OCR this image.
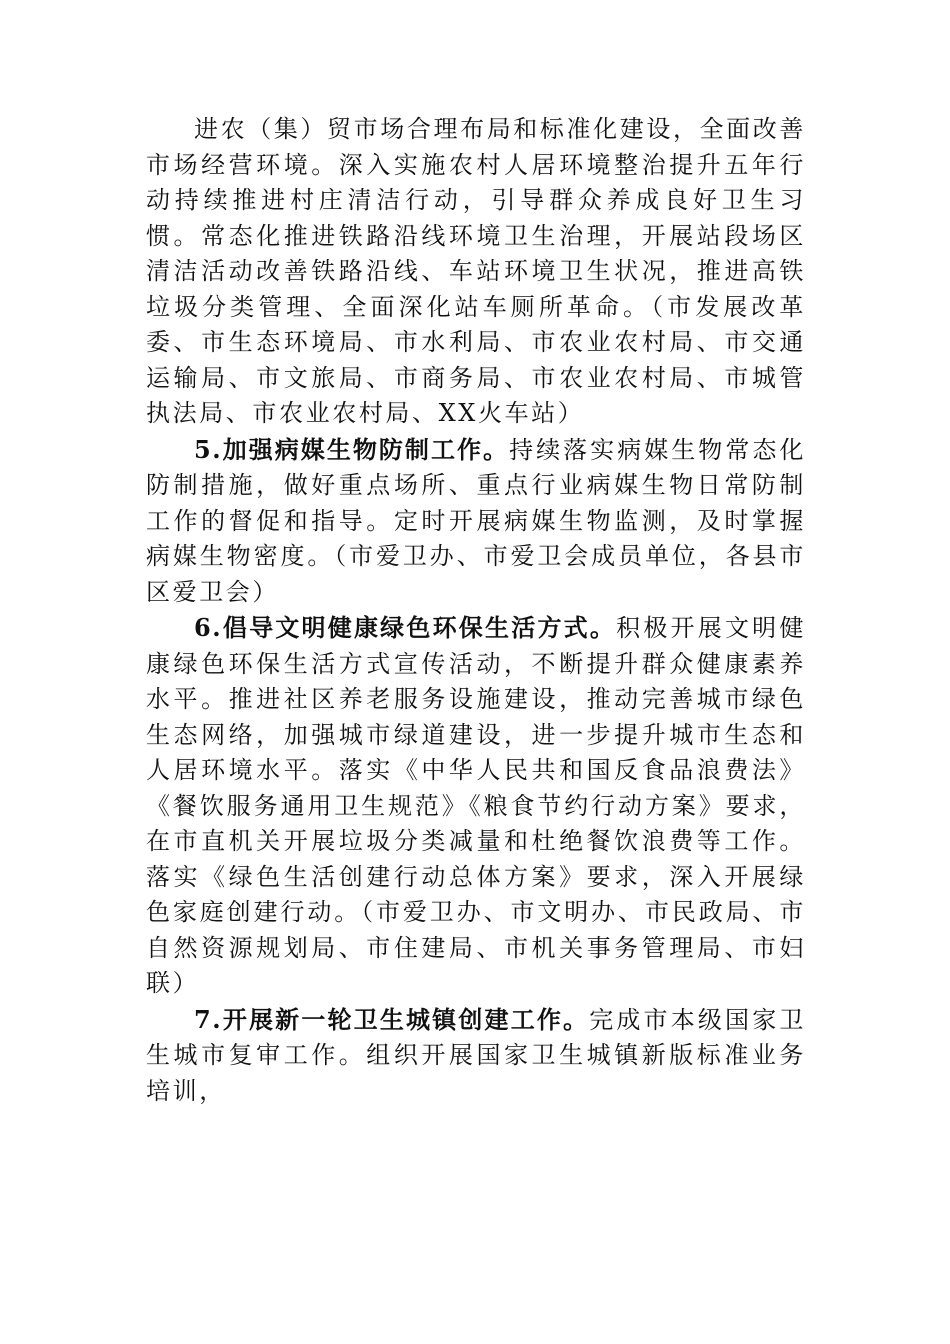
进农（集）贸市场合理布局和标准化建设，全面改善市场经营环境。深入实施农村人居环境整治提升五年行动持续推进村庄清洁行动，引导群众养成良好卫生习惯。常态化推进铁路沿线环境卫生治理，开展站段场区清洁活动改善铁路沿线、车站环境卫生状况，推进高铁垃圾分类管理、全面深化站车厕所革命。（市发展改革委、市生态环境局、市水利局、市农业农村局、市交通运输局、市文旅局、市商务局、市农业农村局、市城管执法局、市农业农村局、XX火车站）

5.加强病媒生物防制工作。持续落实病媒生物常态化防制措施，做好重点场所、重点行业病媒生物日常防制工作的督促和指导。定时开展病媒生物监测，及时掌握病媒生物密度。（市爱卫办、市爱卫会成员单位，各县市区爱卫会）

6.倡导文明健康绿色环保生活方式。积极开展文明健康绿色环保生活方式宣传活动，不断提升群众健康素养水平。推进社区养老服务设施建设，推动完善城市绿色生态网络，加强城市绿道建设，进一步提升城市生态和人居环境水平。落实《中华人民共和国反食品浪费法》《餐饮服务通用卫生规范》《粮食节约行动方案》要求，在市直机关开展垃圾分类减量和杜绝餐饮浪费等工作。落实《绿色生活创建行动总体方案》要求，深入开展绿色家庭创建行动。（市爱卫办、市文明办、市民政局、市自然资源规划局、市住建局、市机关事务管理局、市妇联）

7.开展新一轮卫生城镇创建工作。完成市本级国家卫生城市复审工作。组织开展国家卫生城镇新版标准业务培训，
